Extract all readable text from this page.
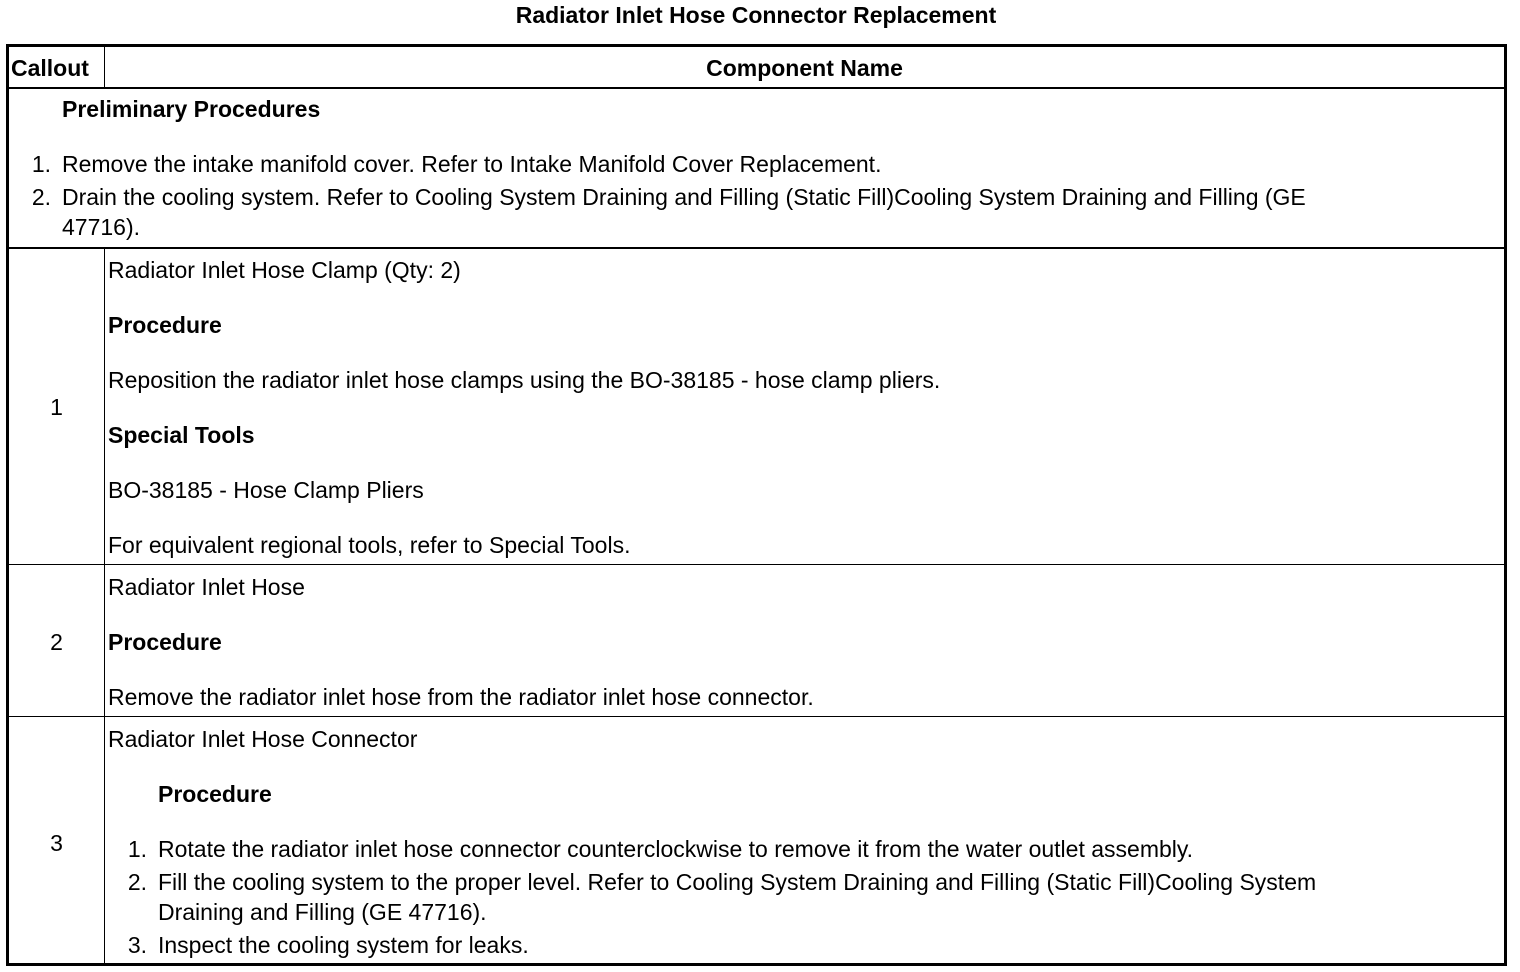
Radiator Inlet Hose Connector Replacement
Callout	Component Name
Preliminary Procedures
1. Remove the intake manifold cover. Refer to Intake Manifold Cover Replacement.
2. Drain the cooling system. Refer to Cooling System Draining and Filling (Static Fill)Cooling System Draining and Filling (GE
47716).
1
Radiator Inlet Hose Clamp (Qty: 2)
Procedure
Reposition the radiator inlet hose clamps using the BO-38185 - hose clamp pliers.
Special Tools
BO-38185 - Hose Clamp Pliers
For equivalent regional tools, refer to Special Tools.
2
Radiator Inlet Hose
Procedure
Remove the radiator inlet hose from the radiator inlet hose connector.
3
Radiator Inlet Hose Connector
Procedure
1. Rotate the radiator inlet hose connector counterclockwise to remove it from the water outlet assembly.
2. Fill the cooling system to the proper level. Refer to Cooling System Draining and Filling (Static Fill)Cooling System
Draining and Filling (GE 47716).
3. Inspect the cooling system for leaks.
